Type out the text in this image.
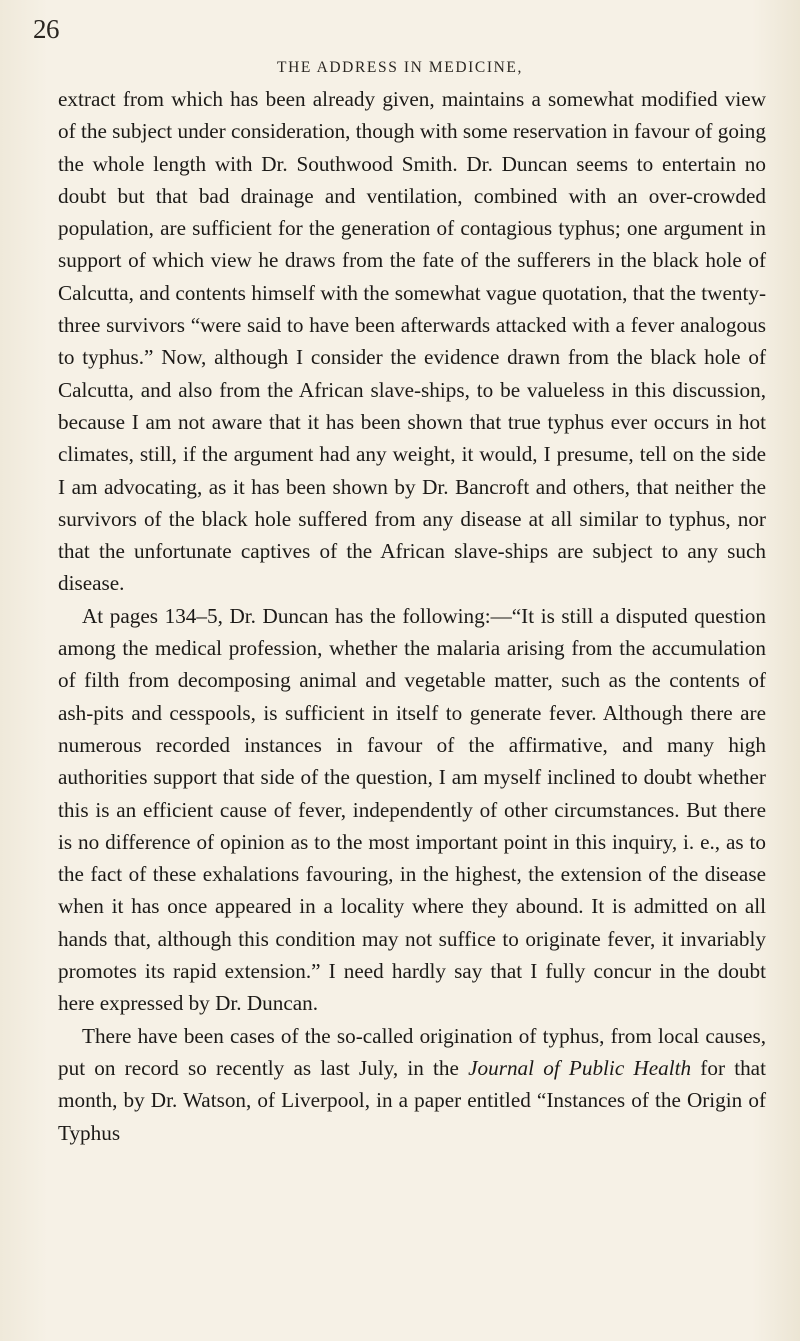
26
THE ADDRESS IN MEDICINE,

extract from which has been already given, maintains a somewhat modified view of the subject under consideration, though with some reservation in favour of going the whole length with Dr. Southwood Smith. Dr. Duncan seems to entertain no doubt but that bad drainage and ventilation, combined with an over-crowded population, are sufficient for the generation of contagious typhus; one argument in support of which view he draws from the fate of the sufferers in the black hole of Calcutta, and contents himself with the somewhat vague quotation, that the twenty-three survivors “were said to have been afterwards attacked with a fever analogous to typhus.” Now, although I consider the evidence drawn from the black hole of Calcutta, and also from the African slave-ships, to be valueless in this discussion, because I am not aware that it has been shown that true typhus ever occurs in hot climates, still, if the argument had any weight, it would, I presume, tell on the side I am advocating, as it has been shown by Dr. Bancroft and others, that neither the survivors of the black hole suffered from any disease at all similar to typhus, nor that the unfortunate captives of the African slave-ships are subject to any such disease.

At pages 134–5, Dr. Duncan has the following:—“It is still a disputed question among the medical profession, whether the malaria arising from the accumulation of filth from decomposing animal and vegetable matter, such as the contents of ash-pits and cesspools, is sufficient in itself to generate fever. Although there are numerous recorded instances in favour of the affirmative, and many high authorities support that side of the question, I am myself inclined to doubt whether this is an efficient cause of fever, independently of other circumstances. But there is no difference of opinion as to the most important point in this inquiry, i. e., as to the fact of these exhalations favouring, in the highest, the extension of the disease when it has once appeared in a locality where they abound. It is admitted on all hands that, although this condition may not suffice to originate fever, it invariably promotes its rapid extension.” I need hardly say that I fully concur in the doubt here expressed by Dr. Duncan.

There have been cases of the so-called origination of typhus, from local causes, put on record so recently as last July, in the Journal of Public Health for that month, by Dr. Watson, of Liverpool, in a paper entitled “Instances of the Origin of Typhus
